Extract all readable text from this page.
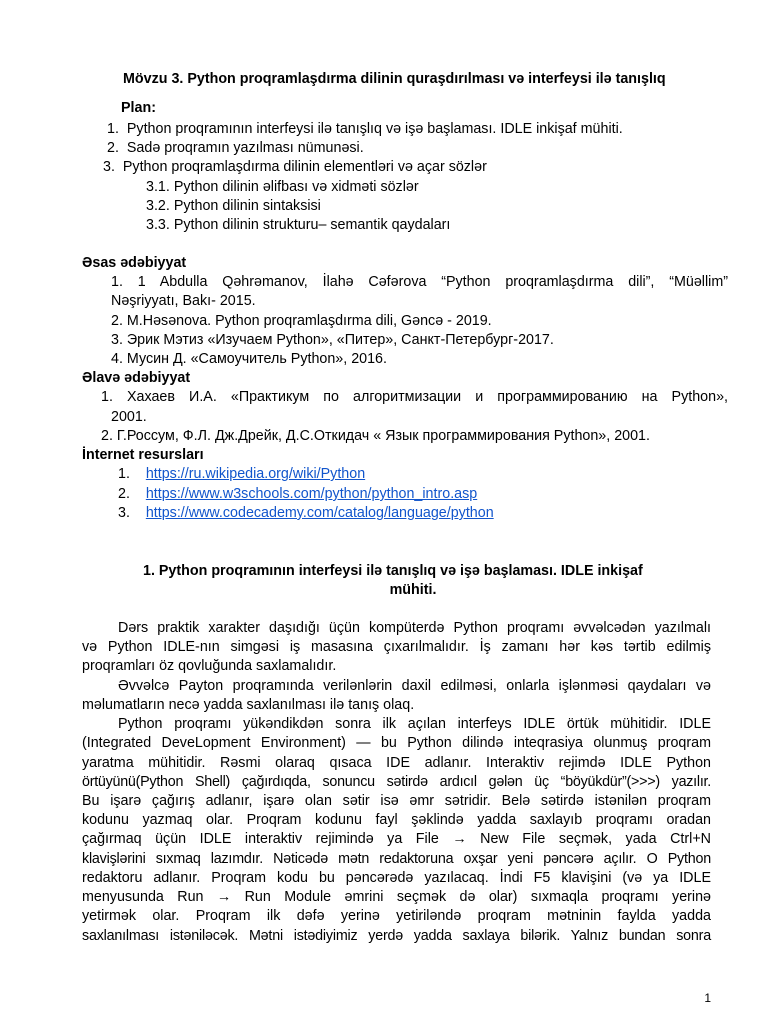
Mövzu 3. Python proqramlaşdırma dilinin quraşdırılması və interfeysi ilə tanışlıq
Plan:
1. Python proqramının interfeysi ilə tanışlıq və işə başlaması. IDLE inkişaf mühiti.
2. Sadə proqramın yazılması nümunəsi.
3. Python proqramlaşdırma dilinin elementləri və açar sözlər
3.1. Python dilinin əlifbası və xidməti sözlər
3.2. Python dilinin sintaksisi
3.3. Python dilinin strukturu– semantik qaydaları
Əsas ədəbiyyat
1. 1 Abdulla Qəhrəmanov, İlahə Cəfərova “Python proqramlaşdırma dili”, “Müəllim”
Nəşriyyatı, Bakı- 2015.
2. M.Həsənova. Python proqramlaşdırma dili, Gəncə - 2019.
3. Эрик Мэтиз «Изучаем Python», «Питер», Санкт-Петербург-2017.
4. Мусин Д. «Самоучитель Python», 2016.
Əlavə ədəbiyyat
1. Хахаев И.А. «Практикум по алгоритмизации и программированию на Python»,
2001.
2. Г.Россум, Ф.Л. Дж.Дрейк, Д.С.Откидач « Язык программирования Python», 2001.
İnternet resursları
1. https://ru.wikipedia.org/wiki/Python
2. https://www.w3schools.com/python/python_intro.asp
3. https://www.codecademy.com/catalog/language/python
1. Python proqramının interfeysi ilə tanışlıq və işə başlaması. IDLE inkişaf
mühiti.
Dərs praktik xarakter daşıdığı üçün kompüterdə Python proqramı əvvəlcədən yazılmalı
və Python IDLE-nın simgəsi iş masasına çıxarılmalıdır. İş zamanı hər kəs tərtib edilmiş
proqramları öz qovluğunda saxlamalıdır.
Əvvəlcə Payton proqramında verilənlərin daxil edilməsi, onlarla işlənməsi qaydaları və
məlumatların necə yadda saxlanılması ilə tanış olaq.
Python proqramı yükəndikdən sonra ilk açılan interfeys IDLE örtük mühitidir. IDLE
(Integrated DeveLopment Environment) — bu Python dilində inteqrasiya olunmuş proqram
yaratma mühitidir. Rəsmi olaraq qısaca IDE adlanır. Interaktiv rejimdə IDLE Python
örtüyünü(Python Shell) çağırdıqda, sonuncu sətirdə ardıcıl gələn üç “böyükdür”(>>>) yazılır.
Bu işarə çağırış adlanır, işarə olan sətir isə əmr sətridir. Belə sətirdə istənilən proqram
kodunu yazmaq olar. Proqram kodunu fayl şəklində yadda saxlayıb proqramı oradan
çağırmaq üçün IDLE interaktiv rejimində ya File → New File seçmək, yada Ctrl+N
klavişlərini sıxmaq lazımdır. Nəticədə mətn redaktoruna oxşar yeni pəncərə açılır. O Python
redaktoru adlanır. Proqram kodu bu pəncərədə yazılacaq. İndi F5 klavişini (və ya IDLE
menyusunda Run → Run Module əmrini seçmək də olar) sıxmaqla proqramı yerinə
yetirmək olar. Proqram ilk dəfə yerinə yetiriləndə proqram mətninin faylda yadda
saxlanılması istəniləcək. Mətni istədiyimiz yerdə yadda saxlaya bilərik. Yalnız bundan sonra
1
